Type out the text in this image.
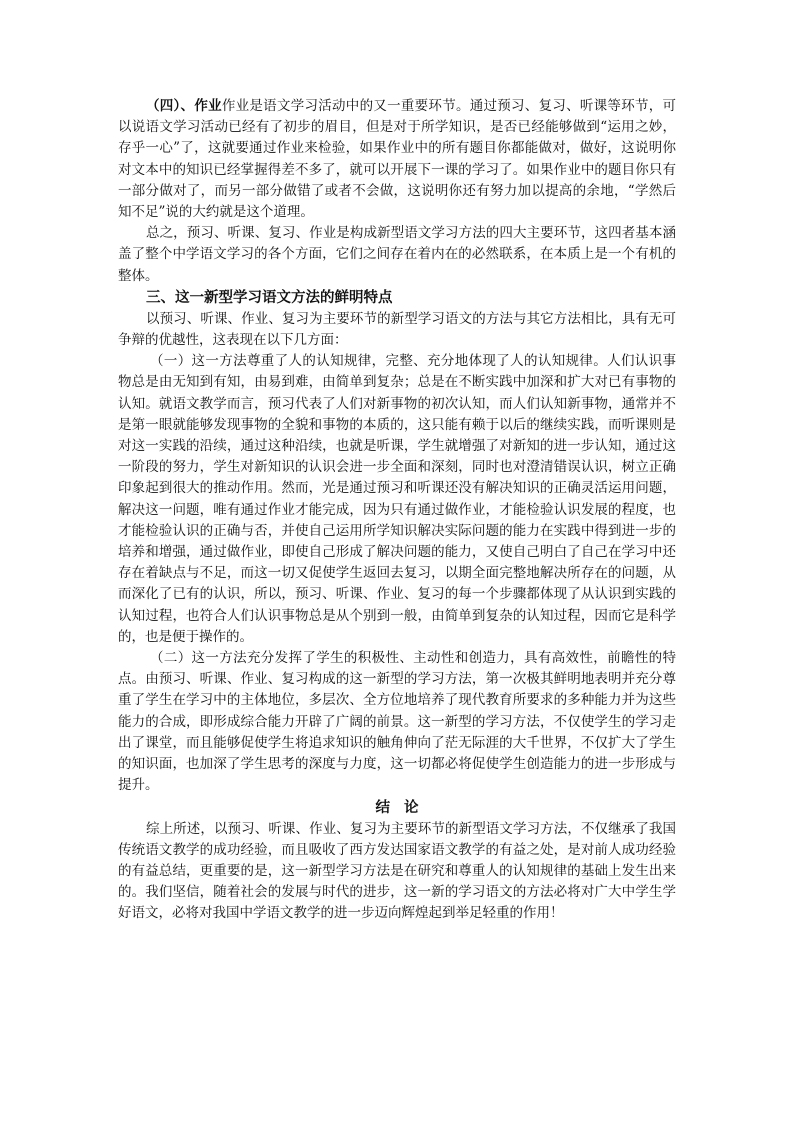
（四）、作业作业是语文学习活动中的又一重要环节。通过预习、复习、听课等环节，可以说语文学习活动已经有了初步的眉目，但是对于所学知识，是否已经能够做到“运用之妙，存乎一心”了，这就要通过作业来检验，如果作业中的所有题目你都能做对，做好，这说明你对文本中的知识已经掌握得差不多了，就可以开展下一课的学习了。如果作业中的题目你只有一部分做对了，而另一部分做错了或者不会做，这说明你还有努力加以提高的余地，“学然后知不足”说的大约就是这个道理。

总之，预习、听课、复习、作业是构成新型语文学习方法的四大主要环节，这四者基本涵盖了整个中学语文学习的各个方面，它们之间存在着内在的必然联系，在本质上是一个有机的整体。

三、这一新型学习语文方法的鲜明特点

以预习、听课、作业、复习为主要环节的新型学习语文的方法与其它方法相比，具有无可争辩的优越性，这表现在以下几方面：

（一）这一方法尊重了人的认知规律，完整、充分地体现了人的认知规律。人们认识事物总是由无知到有知，由易到难，由简单到复杂；总是在不断实践中加深和扩大对已有事物的认知。就语文教学而言，预习代表了人们对新事物的初次认知，而人们认知新事物，通常并不是第一眼就能够发现事物的全貌和事物的本质的，这只能有赖于以后的继续实践，而听课则是对这一实践的沿续，通过这种沿续，也就是听课，学生就增强了对新知的进一步认知，通过这一阶段的努力，学生对新知识的认识会进一步全面和深刻，同时也对澄清错误认识，树立正确印象起到很大的推动作用。然而，光是通过预习和听课还没有解决知识的正确灵活运用问题，解决这一问题，唯有通过作业才能完成，因为只有通过做作业，才能检验认识发展的程度，也才能检验认识的正确与否，并使自己运用所学知识解决实际问题的能力在实践中得到进一步的培养和增强，通过做作业，即使自己形成了解决问题的能力，又使自己明白了自己在学习中还存在着缺点与不足，而这一切又促使学生返回去复习，以期全面完整地解决所存在的问题，从而深化了已有的认识，所以，预习、听课、作业、复习的每一个步骤都体现了从认识到实践的认知过程，也符合人们认识事物总是从个别到一般，由简单到复杂的认知过程，因而它是科学的，也是便于操作的。

（二）这一方法充分发挥了学生的积极性、主动性和创造力，具有高效性，前瞻性的特点。由预习、听课、作业、复习构成的这一新型的学习方法，第一次极其鲜明地表明并充分尊重了学生在学习中的主体地位，多层次、全方位地培养了现代教育所要求的多种能力并为这些能力的合成，即形成综合能力开辟了广阔的前景。这一新型的学习方法，不仅使学生的学习走出了课堂，而且能够促使学生将追求知识的触角伸向了茫无际涯的大千世界，不仅扩大了学生的知识面，也加深了学生思考的深度与力度，这一切都必将促使学生创造能力的进一步形成与提升。

结论

综上所述，以预习、听课、作业、复习为主要环节的新型语文学习方法，不仅继承了我国传统语文教学的成功经验，而且吸收了西方发达国家语文教学的有益之处，是对前人成功经验的有益总结，更重要的是，这一新型学习方法是在研究和尊重人的认知规律的基础上发生出来的。我们坚信，随着社会的发展与时代的进步，这一新的学习语文的方法必将对广大中学生学好语文，必将对我国中学语文教学的进一步迈向辉煌起到举足轻重的作用！
